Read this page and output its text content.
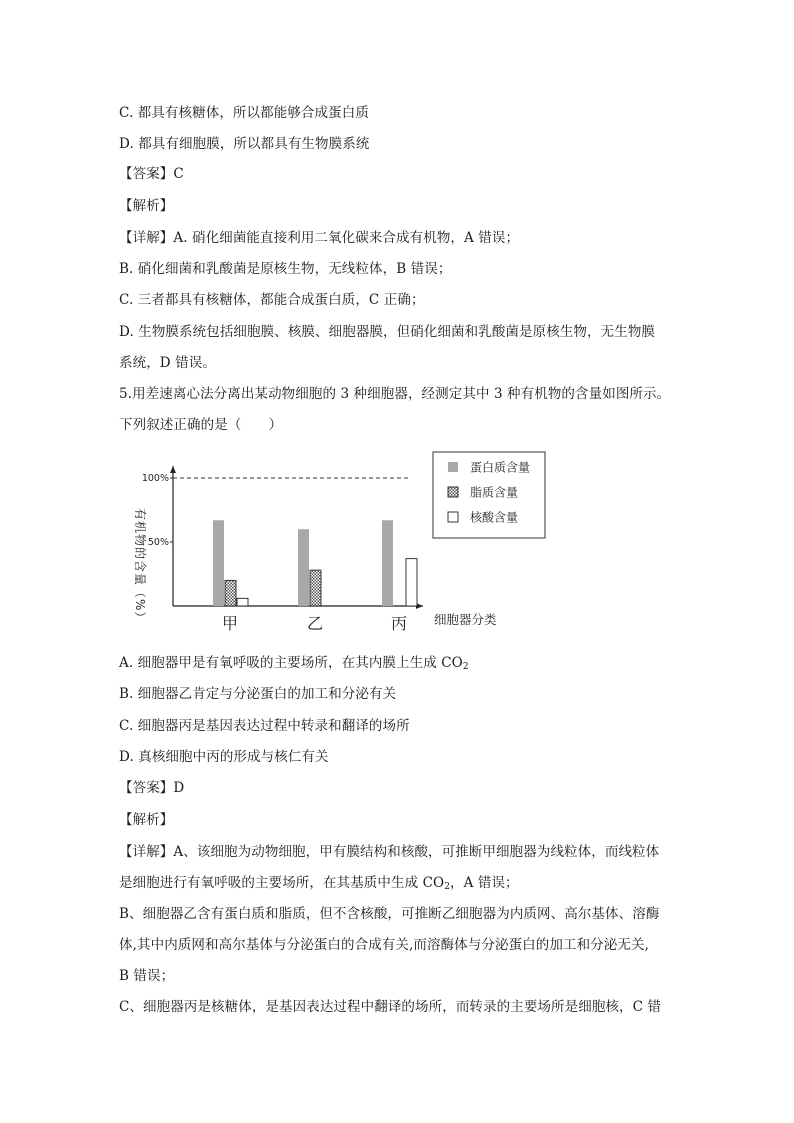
C. 都具有核糖体，所以都能够合成蛋白质
D. 都具有细胞膜，所以都具有生物膜系统
【答案】C
【解析】
【详解】A. 硝化细菌能直接利用二氧化碳来合成有机物，A 错误；
B. 硝化细菌和乳酸菌是原核生物，无线粒体，B 错误；
C. 三者都具有核糖体，都能合成蛋白质，C 正确；
D. 生物膜系统包括细胞膜、核膜、细胞器膜，但硝化细菌和乳酸菌是原核生物，无生物膜
系统，D 错误。
5.用差速离心法分离出某动物细胞的 3 种细胞器，经测定其中 3 种有机物的含量如图所示。
下列叙述正确的是（　　）
有机物的含量（%） 50%
100%
甲	乙	丙
蛋白质含量
脂质含量
核酸含量
细胞器分类
A. 细胞器甲是有氧呼吸的主要场所，在其内膜上生成 $CO_2$
B. 细胞器乙肯定与分泌蛋白的加工和分泌有关
C. 细胞器丙是基因表达过程中转录和翻译的场所
D. 真核细胞中丙的形成与核仁有关
【答案】D
【解析】
【详解】A、该细胞为动物细胞，甲有膜结构和核酸，可推断甲细胞器为线粒体，而线粒体
是细胞进行有氧呼吸的主要场所，在其基质中生成 $CO_2$，A 错误；
B、细胞器乙含有蛋白质和脂质，但不含核酸，可推断乙细胞器为内质网、高尔基体、溶酶
体,其中内质网和高尔基体与分泌蛋白的合成有关,而溶酶体与分泌蛋白的加工和分泌无关,
B 错误；
C、细胞器丙是核糖体，是基因表达过程中翻译的场所，而转录的主要场所是细胞核，C 错
